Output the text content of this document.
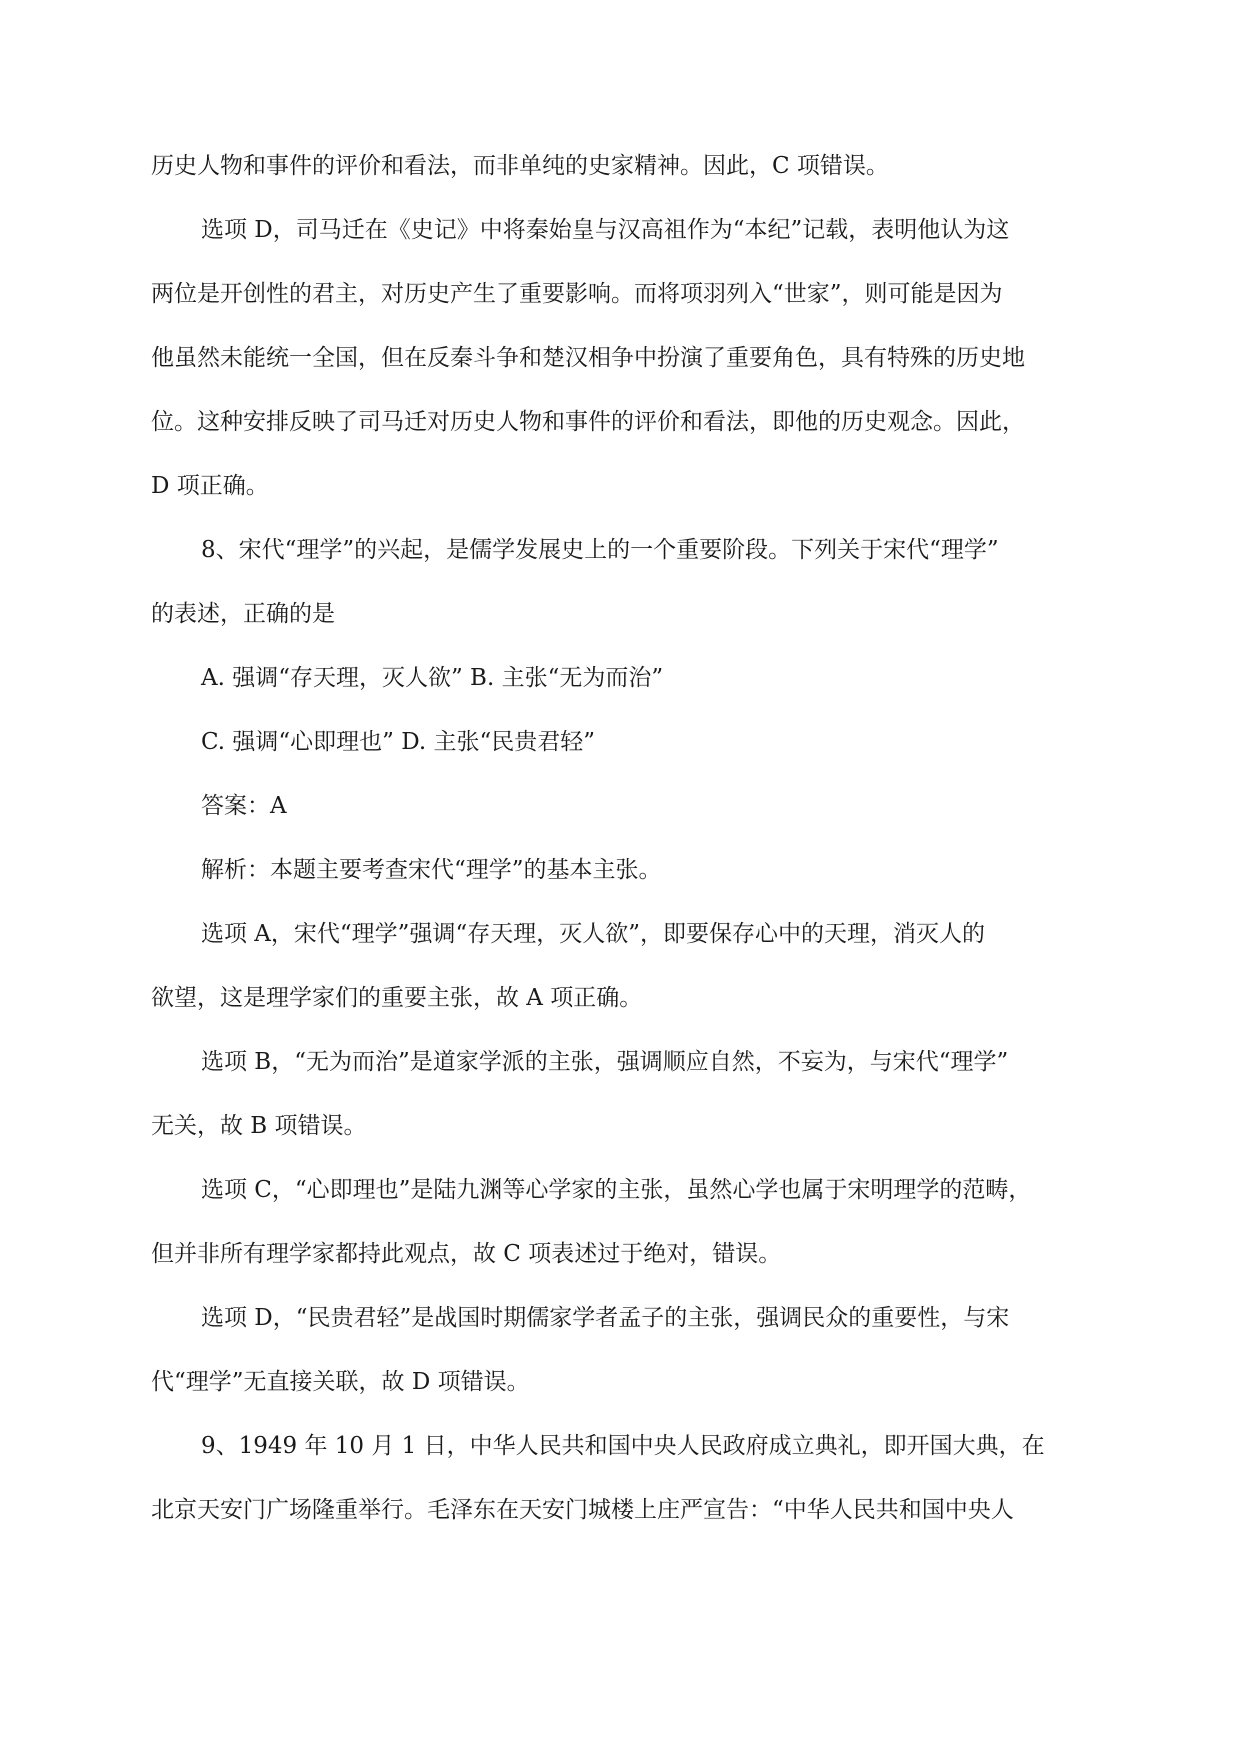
历史人物和事件的评价和看法，而非单纯的史家精神。因此，C 项错误。
选项 D，司马迁在《史记》中将秦始皇与汉高祖作为“本纪”记载，表明他认为这
两位是开创性的君主，对历史产生了重要影响。而将项羽列入“世家”，则可能是因为
他虽然未能统一全国，但在反秦斗争和楚汉相争中扮演了重要角色，具有特殊的历史地
位。这种安排反映了司马迁对历史人物和事件的评价和看法，即他的历史观念。因此，
D 项正确。
8、宋代“理学”的兴起，是儒学发展史上的一个重要阶段。下列关于宋代“理学”
的表述，正确的是
A. 强调“存天理，灭人欲” B. 主张“无为而治”
C. 强调“心即理也” D. 主张“民贵君轻”
答案：A
解析：本题主要考查宋代“理学”的基本主张。
选项 A，宋代“理学”强调“存天理，灭人欲”，即要保存心中的天理，消灭人的
欲望，这是理学家们的重要主张，故 A 项正确。
选项 B，“无为而治”是道家学派的主张，强调顺应自然，不妄为，与宋代“理学”
无关，故 B 项错误。
选项 C，“心即理也”是陆九渊等心学家的主张，虽然心学也属于宋明理学的范畴，
但并非所有理学家都持此观点，故 C 项表述过于绝对，错误。
选项 D，“民贵君轻”是战国时期儒家学者孟子的主张，强调民众的重要性，与宋
代“理学”无直接关联，故 D 项错误。
9、1949 年 10 月 1 日，中华人民共和国中央人民政府成立典礼，即开国大典，在
北京天安门广场隆重举行。毛泽东在天安门城楼上庄严宣告：“中华人民共和国中央人
